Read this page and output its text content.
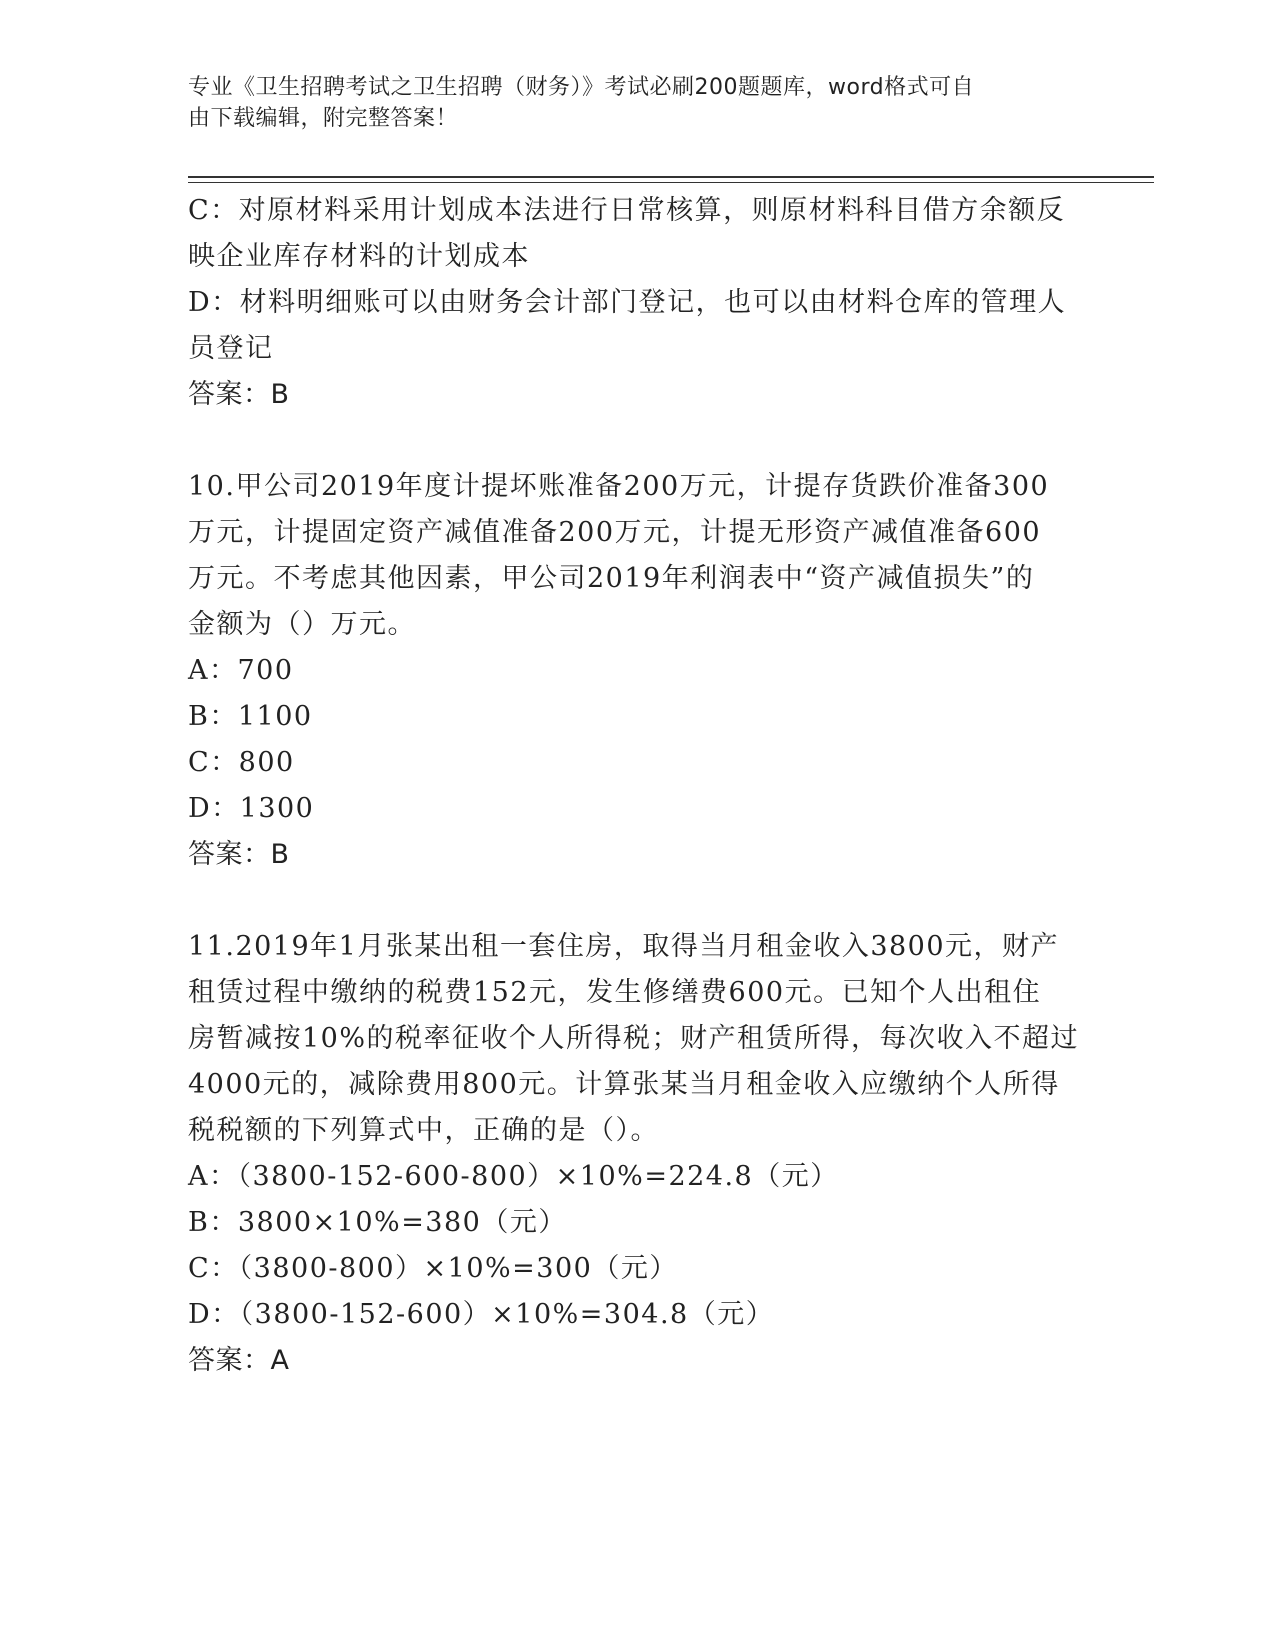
专业《卫生招聘考试之卫生招聘（财务）》考试必刷200题题库，word格式可自
由下载编辑，附完整答案！

C：对原材料采用计划成本法进行日常核算，则原材料科目借方余额反

映企业库存材料的计划成本

D：材料明细账可以由财务会计部门登记，也可以由材料仓库的管理人

员登记

答案：B

10.甲公司2019年度计提坏账准备200万元，计提存货跌价准备300

万元，计提固定资产减值准备200万元，计提无形资产减值准备600

万元。不考虑其他因素，甲公司2019年利润表中“资产减值损失”的

金额为（）万元。

A：700

B：1100

C：800

D：1300

答案：B

11.2019年1月张某出租一套住房，取得当月租金收入3800元，财产

租赁过程中缴纳的税费152元，发生修缮费600元。已知个人出租住

房暂减按10%的税率征收个人所得税；财产租赁所得，每次收入不超过

4000元的，减除费用800元。计算张某当月租金收入应缴纳个人所得

税税额的下列算式中，正确的是（）。

A：（3800-152-600-800）×10%=224.8（元）

B：3800×10%=380（元）

C：（3800-800）×10%=300（元）

D：（3800-152-600）×10%=304.8（元）

答案：A
